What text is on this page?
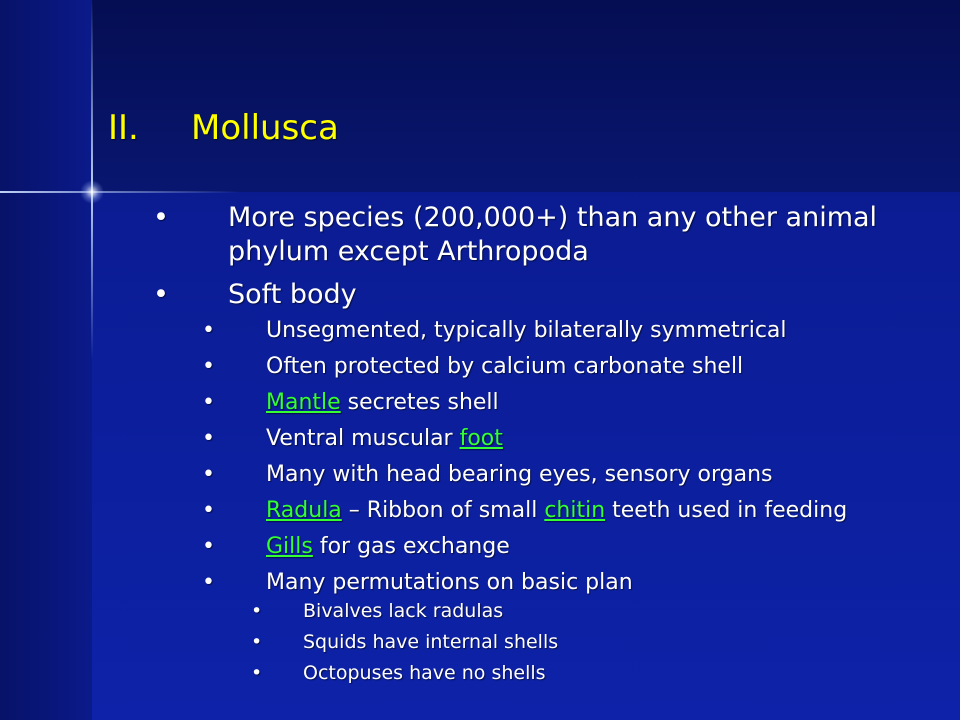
II. Mollusca
• More species (200,000+) than any other animal
phylum except Arthropoda
• Soft body
• Unsegmented, typically bilaterally symmetrical
• Often protected by calcium carbonate shell
• Mantle secretes shell
• Ventral muscular foot
• Many with head bearing eyes, sensory organs
• Radula – Ribbon of small chitin teeth used in feeding
• Gills for gas exchange
• Many permutations on basic plan
• Bivalves lack radulas
• Squids have internal shells
• Octopuses have no shells
